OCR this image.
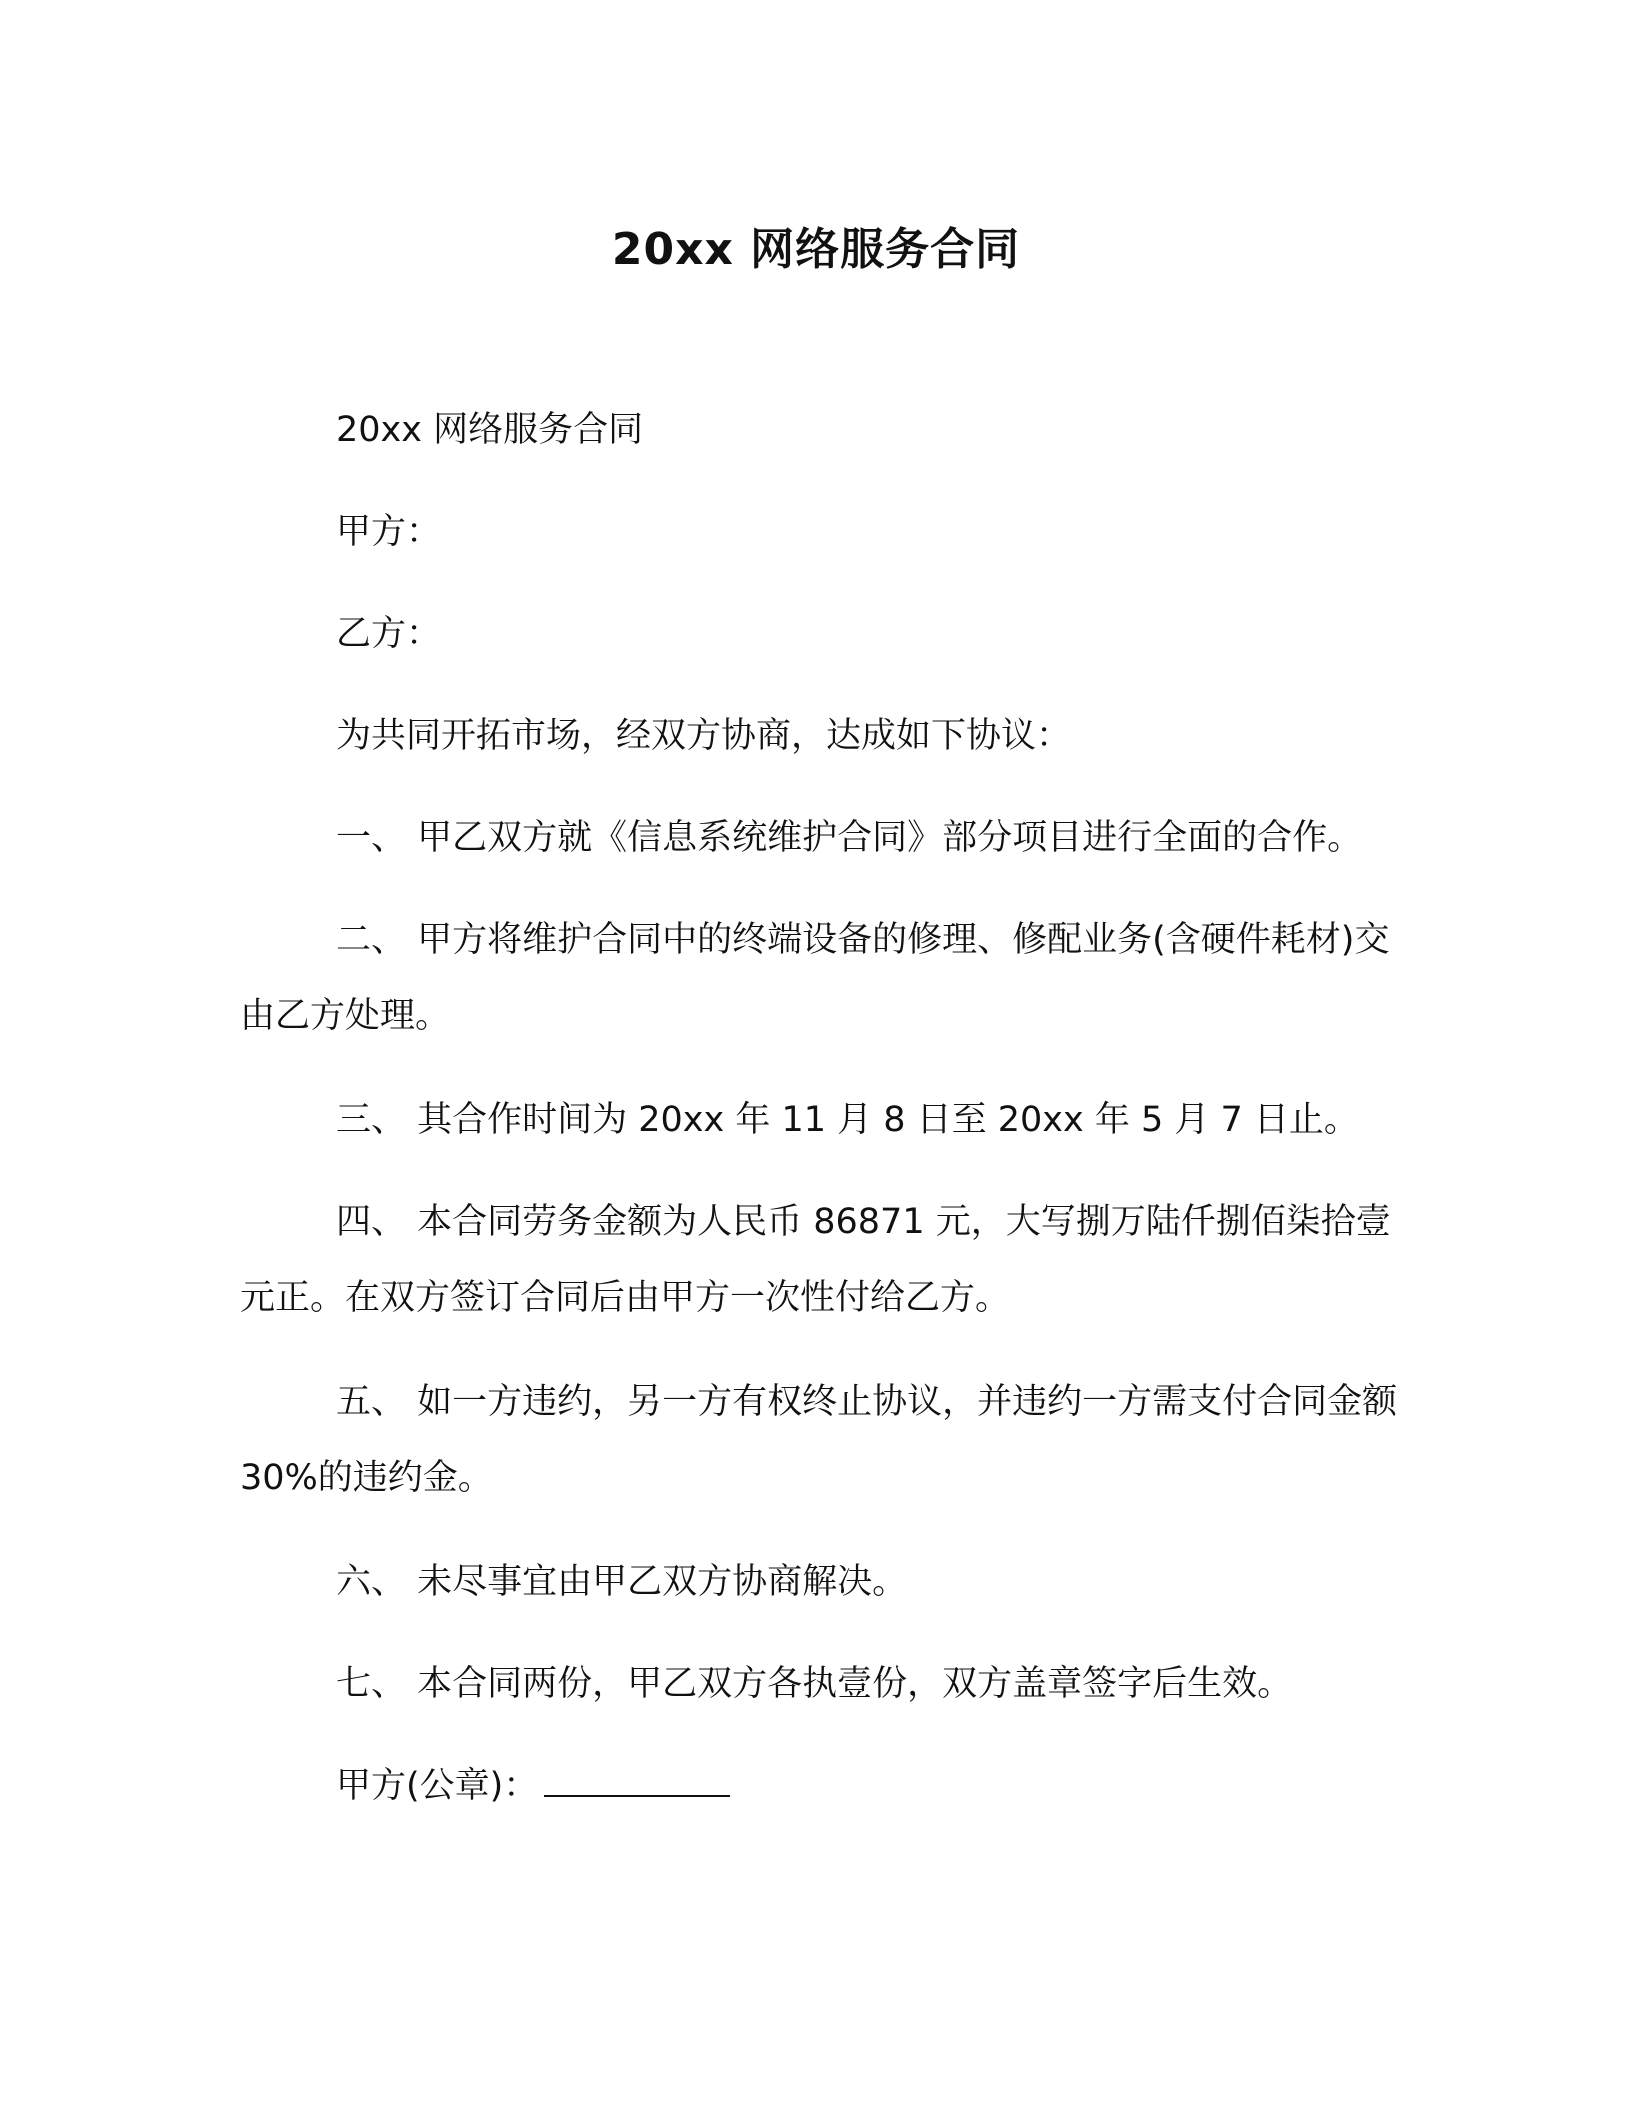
20xx 网络服务合同

20xx 网络服务合同

甲方：

乙方：

为共同开拓市场，经双方协商，达成如下协议：

一、 甲乙双方就《信息系统维护合同》部分项目进行全面的合作。

二、 甲方将维护合同中的终端设备的修理、修配业务(含硬件耗材)交由乙方处理。

三、 其合作时间为 20xx 年 11 月 8 日至 20xx 年 5 月 7 日止。

四、 本合同劳务金额为人民币 86871 元，大写捌万陆仟捌佰柒拾壹元正。在双方签订合同后由甲方一次性付给乙方。

五、 如一方违约，另一方有权终止协议，并违约一方需支付合同金额 30%的违约金。

六、 未尽事宜由甲乙双方协商解决。

七、 本合同两份，甲乙双方各执壹份，双方盖章签字后生效。

甲方(公章)：
